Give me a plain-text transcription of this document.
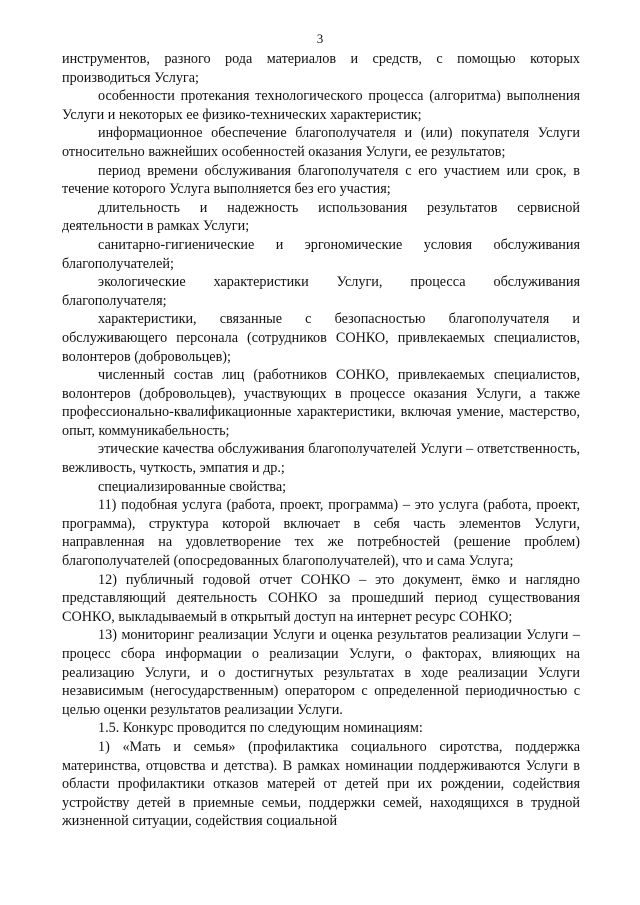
3

инструментов, разного рода материалов и средств, с помощью которых производиться Услуга;

особенности протекания технологического процесса (алгоритма) выполнения Услуги и некоторых ее физико-технических характеристик;

информационное обеспечение благополучателя и (или) покупателя Услуги относительно важнейших особенностей оказания Услуги, ее результатов;

период времени обслуживания благополучателя с его участием или срок, в течение которого Услуга выполняется без его участия;

длительность и надежность использования результатов сервисной деятельности в рамках Услуги;

санитарно-гигиенические и эргономические условия обслуживания благополучателей;

экологические характеристики Услуги, процесса обслуживания благополучателя;

характеристики, связанные с безопасностью благополучателя и обслуживающего персонала (сотрудников СОНКО, привлекаемых специалистов, волонтеров (добровольцев);

численный состав лиц (работников СОНКО, привлекаемых специалистов, волонтеров (добровольцев), участвующих в процессе оказания Услуги, а также профессионально-квалификационные характеристики, включая умение, мастерство, опыт, коммуникабельность;

этические качества обслуживания благополучателей Услуги – ответственность, вежливость, чуткость, эмпатия и др.;

специализированные свойства;

11) подобная услуга (работа, проект, программа) – это услуга (работа, проект, программа), структура которой включает в себя часть элементов Услуги, направленная на удовлетворение тех же потребностей (решение проблем) благополучателей (опосредованных благополучателей), что и сама Услуга;

12) публичный годовой отчет СОНКО – это документ, ёмко и наглядно представляющий деятельность СОНКО за прошедший период существования СОНКО, выкладываемый в открытый доступ на интернет ресурс СОНКО;

13) мониторинг реализации Услуги и оценка результатов реализации Услуги – процесс сбора информации о реализации Услуги, о факторах, влияющих на реализацию Услуги, и о достигнутых результатах в ходе реализации Услуги независимым (негосударственным) оператором с определенной периодичностью с целью оценки результатов реализации Услуги.

1.5. Конкурс проводится по следующим номинациям:

1) «Мать и семья» (профилактика социального сиротства, поддержка материнства, отцовства и детства). В рамках номинации поддерживаются Услуги в области профилактики отказов матерей от детей при их рождении, содействия устройству детей в приемные семьи, поддержки семей, находящихся в трудной жизненной ситуации, содействия социальной
